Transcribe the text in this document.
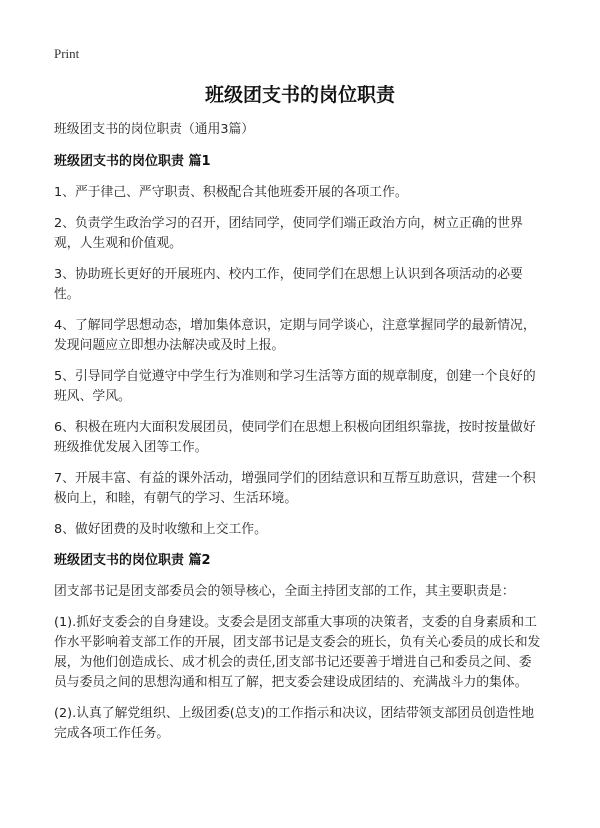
Print
班级团支书的岗位职责
班级团支书的岗位职责（通用3篇）
班级团支书的岗位职责 篇1
1、严于律己、严守职责、积极配合其他班委开展的各项工作。
2、负责学生政治学习的召开，团结同学，使同学们端正政治方向，树立正确的世界观，人生观和价值观。
3、协助班长更好的开展班内、校内工作，使同学们在思想上认识到各项活动的必要性。
4、了解同学思想动态，增加集体意识，定期与同学谈心，注意掌握同学的最新情况，发现问题应立即想办法解决或及时上报。
5、引导同学自觉遵守中学生行为准则和学习生活等方面的规章制度，创建一个良好的班风、学风。
6、积极在班内大面积发展团员，使同学们在思想上积极向团组织靠拢，按时按量做好班级推优发展入团等工作。
7、开展丰富、有益的课外活动，增强同学们的团结意识和互帮互助意识，营建一个积极向上，和睦，有朝气的学习、生活环境。
8、做好团费的及时收缴和上交工作。
班级团支书的岗位职责 篇2
团支部书记是团支部委员会的领导核心，全面主持团支部的工作，其主要职责是：
(1).抓好支委会的自身建设。支委会是团支部重大事项的决策者，支委的自身素质和工作水平影响着支部工作的开展，团支部书记是支委会的班长，负有关心委员的成长和发展，为他们创造成长、成才机会的责任,团支部书记还要善于增进自己和委员之间、委员与委员之间的思想沟通和相互了解，把支委会建设成团结的、充满战斗力的集体。
(2).认真了解党组织、上级团委(总支)的工作指示和决议，团结带领支部团员创造性地完成各项工作任务。
